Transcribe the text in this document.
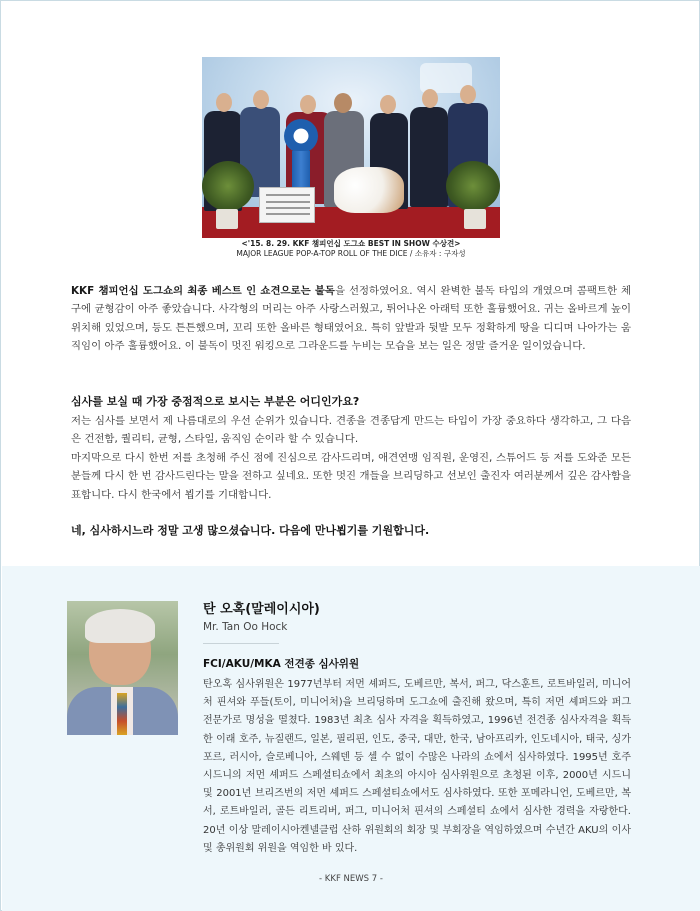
<'15. 8. 29. KKF 챔피언십 도그쇼 BEST IN SHOW 수상견>
MAJOR LEAGUE POP-A-TOP ROLL OF THE DICE / 소유자 : 구자성

KKF 챔피언십 도그쇼의 최종 베스트 인 쇼견으로는 불독을 선정하였어요. 역시 완벽한 불독 타입의 개였으며 콤팩트한 체구에 균형감이 아주 좋았습니다. 사각형의 머리는 아주 사랑스러웠고, 튀어나온 아래턱 또한 훌륭했어요. 귀는 올바르게 높이 위치해 있었으며, 등도 튼튼했으며, 꼬리 또한 올바른 형태였어요. 특히 앞발과 뒷발 모두 정확하게 땅을 디디며 나아가는 움직임이 아주 훌륭했어요. 이 불독이 멋진 워킹으로 그라운드를 누비는 모습을 보는 일은 정말 즐거운 일이었습니다.

심사를 보실 때 가장 중점적으로 보시는 부분은 어디인가요?

저는 심사를 보면서 제 나름대로의 우선 순위가 있습니다. 견종을 견종답게 만드는 타입이 가장 중요하다 생각하고, 그 다음은 건전함, 퀄리티, 균형, 스타일, 움직임 순이라 할 수 있습니다.

마지막으로 다시 한번 저를 초청해 주신 점에 진심으로 감사드리며, 애견연맹 임직원, 운영진, 스튜어드 등 저를 도와준 모든 분들께 다시 한 번 감사드린다는 말을 전하고 싶네요. 또한 멋진 개들을 브리딩하고 선보인 출진자 여러분께서 깊은 감사함을 표합니다. 다시 한국에서 뵙기를 기대합니다.

네, 심사하시느라 정말 고생 많으셨습니다. 다음에 만나뵙기를 기원합니다.
탄 오혹(말레이시아)
Mr. Tan Oo Hock
FCI/AKU/MKA 전견종 심사위원

탄오혹 심사위원은 1977년부터 저먼 셰퍼드, 도베르만, 복서, 퍼그, 닥스훈트, 로트바일러, 미니어처 핀셔와 푸들(토이, 미니어처)을 브리딩하며 도그쇼에 출진해 왔으며, 특히 저먼 셰퍼드와 퍼그 전문가로 명성을 떨쳤다. 1983년 최초 심사 자격을 획득하였고, 1996년 전견종 심사자격을 획득한 이래 호주, 뉴질랜드, 일본, 필리핀, 인도, 중국, 대만, 한국, 남아프리카, 인도네시아, 태국, 싱가포르, 러시아, 슬로베니아, 스웨덴 등 셀 수 없이 수많은 나라의 쇼에서 심사하였다. 1995년 호주 시드니의 저먼 셰퍼드 스페셜티쇼에서 최초의 아시아 심사위원으로 초청된 이후, 2000년 시드니 및 2001년 브리즈번의 저먼 셰퍼드 스페셜티쇼에서도 심사하였다. 또한 포메라니언, 도베르만, 복서, 로트바일러, 골든 리트리버, 퍼그, 미니어처 핀셔의 스페셜티 쇼에서 심사한 경력을 자랑한다. 20년 이상 말레이시아켄넬클럽 산하 위원회의 회장 및 부회장을 역임하였으며 수년간 AKU의 이사 및 총위원회 위원을 역임한 바 있다.

- KKF NEWS 7 -
